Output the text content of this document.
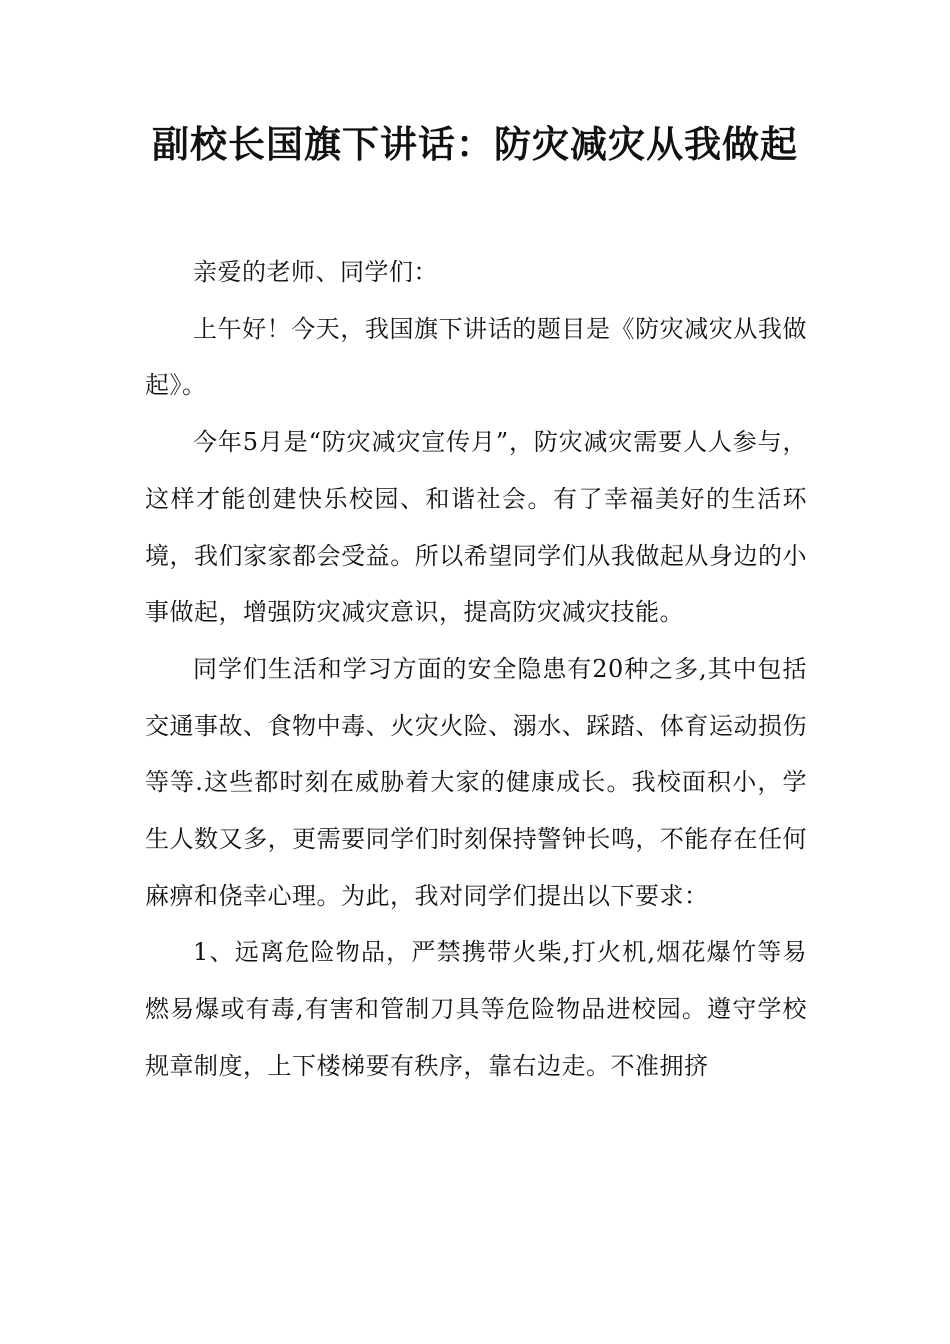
副校长国旗下讲话：防灾减灾从我做起

亲爱的老师、同学们：

上午好！今天，我国旗下讲话的题目是《防灾减灾从我做起》。

今年5月是“防灾减灾宣传月”，防灾减灾需要人人参与，这样才能创建快乐校园、和谐社会。有了幸福美好的生活环境，我们家家都会受益。所以希望同学们从我做起从身边的小事做起，增强防灾减灾意识，提高防灾减灾技能。

同学们生活和学习方面的安全隐患有20种之多,其中包括交通事故、食物中毒、火灾火险、溺水、踩踏、体育运动损伤等等.这些都时刻在威胁着大家的健康成长。我校面积小，学生人数又多，更需要同学们时刻保持警钟长鸣，不能存在任何麻痹和侥幸心理。为此，我对同学们提出以下要求：

1、远离危险物品，严禁携带火柴,打火机,烟花爆竹等易燃易爆或有毒,有害和管制刀具等危险物品进校园。遵守学校规章制度，上下楼梯要有秩序，靠右边走。不准拥挤
